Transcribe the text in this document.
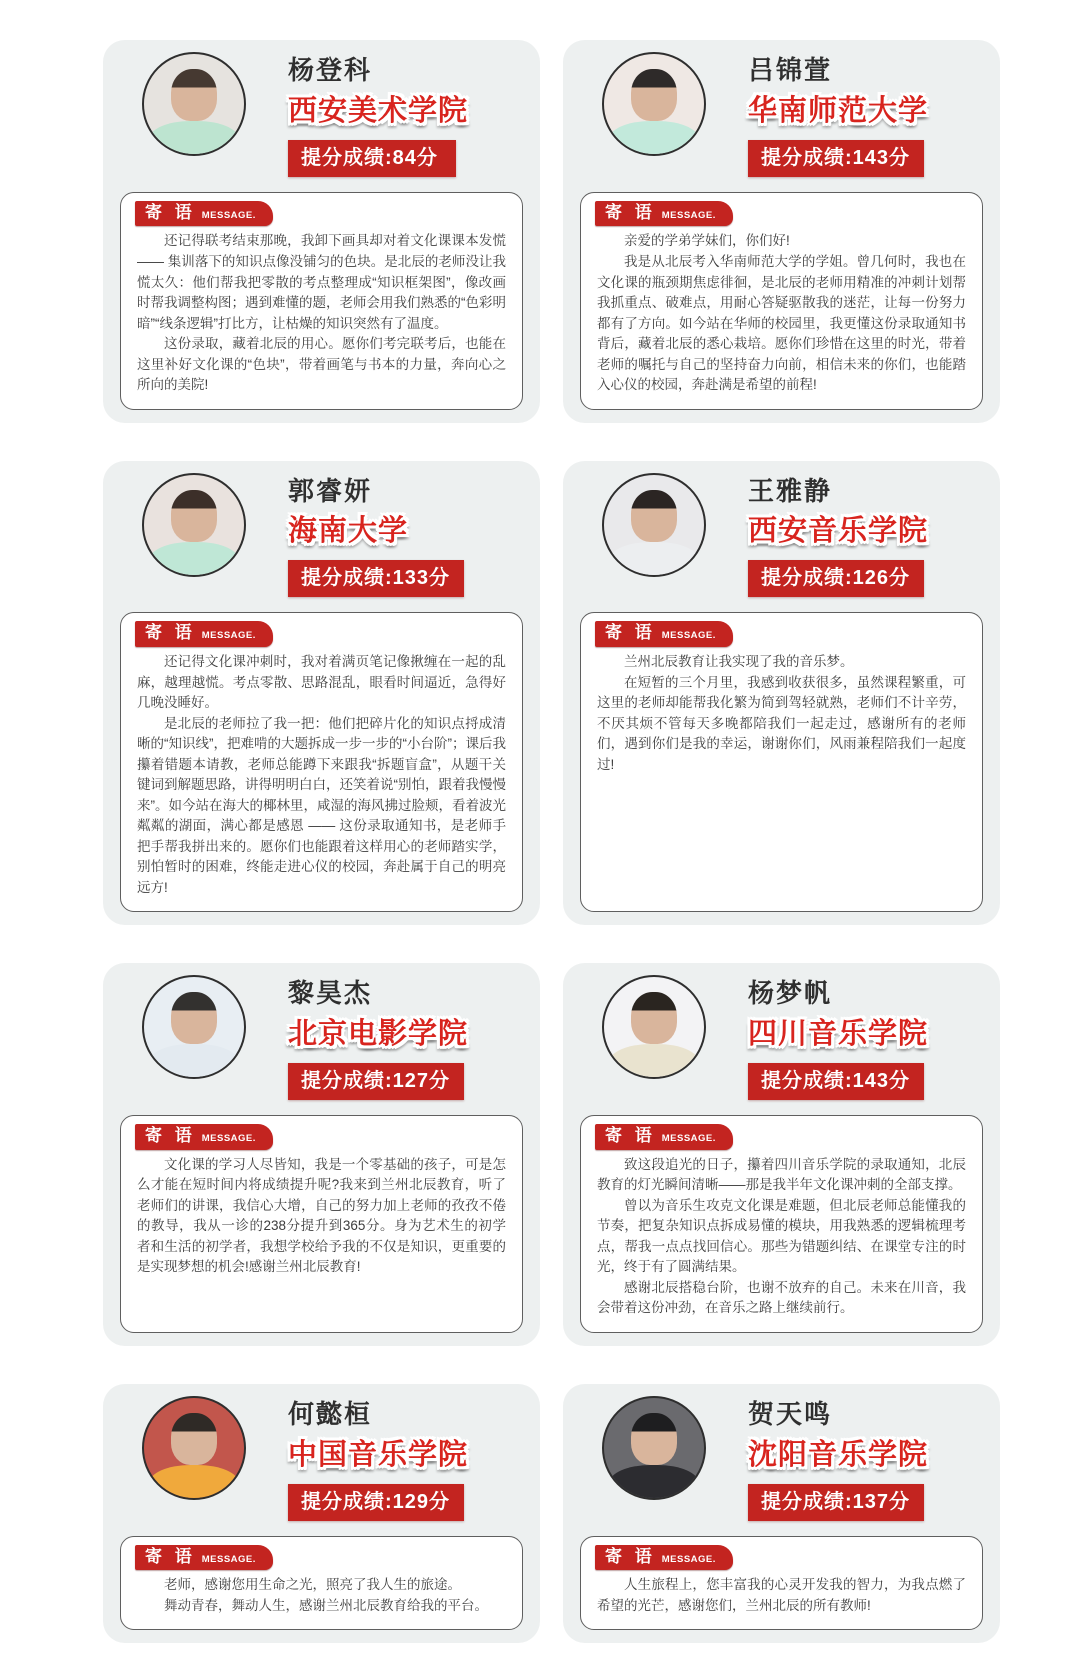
杨登科
西安美术学院
提分成绩:84分
寄 语 MESSAGE.

还记得联考结束那晚，我卸下画具却对着文化课课本发慌 —— 集训落下的知识点像没铺匀的色块。是北辰的老师没让我慌太久：他们帮我把零散的考点整理成“知识框架图”，像改画时帮我调整构图；遇到难懂的题，老师会用我们熟悉的“色彩明暗”“线条逻辑”打比方，让枯燥的知识突然有了温度。

这份录取，藏着北辰的用心。愿你们考完联考后，也能在这里补好文化课的“色块”，带着画笔与书本的力量，奔向心之所向的美院!

吕锦萱
华南师范大学
提分成绩:143分
寄 语 MESSAGE.

亲爱的学弟学妹们，你们好!

我是从北辰考入华南师范大学的学姐。曾几何时，我也在文化课的瓶颈期焦虑徘徊，是北辰的老师用精准的冲刺计划帮我抓重点、破难点，用耐心答疑驱散我的迷茫，让每一份努力都有了方向。如今站在华师的校园里，我更懂这份录取通知书背后，藏着北辰的悉心栽培。愿你们珍惜在这里的时光，带着老师的嘱托与自己的坚持奋力向前，相信未来的你们，也能踏入心仪的校园，奔赴满是希望的前程!

郭睿妍
海南大学
提分成绩:133分
寄 语 MESSAGE.

还记得文化课冲刺时，我对着满页笔记像揪缠在一起的乱麻，越理越慌。考点零散、思路混乱，眼看时间逼近，急得好几晚没睡好。

是北辰的老师拉了我一把：他们把碎片化的知识点捋成清晰的“知识线”，把难啃的大题拆成一步一步的“小台阶”；课后我攥着错题本请教，老师总能蹲下来跟我“拆题盲盒”，从题干关键词到解题思路，讲得明明白白，还笑着说“别怕，跟着我慢慢来”。如今站在海大的椰林里，咸湿的海风拂过脸颊，看着波光粼粼的湖面，满心都是感恩 —— 这份录取通知书，是老师手把手帮我拼出来的。愿你们也能跟着这样用心的老师踏实学，别怕暂时的困难，终能走进心仪的校园，奔赴属于自己的明亮远方!

王雅静
西安音乐学院
提分成绩:126分
寄 语 MESSAGE.

兰州北辰教育让我实现了我的音乐梦。

在短暂的三个月里，我感到收获很多，虽然课程繁重，可这里的老师却能帮我化繁为简到驾轻就熟，老师们不计辛劳，不厌其烦不管每天多晚都陪我们一起走过，感谢所有的老师们，遇到你们是我的幸运，谢谢你们，风雨兼程陪我们一起度过!

黎昊杰
北京电影学院
提分成绩:127分
寄 语 MESSAGE.

文化课的学习人尽皆知，我是一个零基础的孩子，可是怎么才能在短时间内将成绩提升呢?我来到兰州北辰教育，听了老师们的讲课，我信心大增，自己的努力加上老师的孜孜不倦的教导，我从一诊的238分提升到365分。身为艺术生的初学者和生活的初学者，我想学校给予我的不仅是知识，更重要的是实现梦想的机会!感谢兰州北辰教育!

杨梦帆
四川音乐学院
提分成绩:143分
寄 语 MESSAGE.

致这段追光的日子，攥着四川音乐学院的录取通知，北辰教育的灯光瞬间清晰——那是我半年文化课冲刺的全部支撑。

曾以为音乐生攻克文化课是难题，但北辰老师总能懂我的节奏，把复杂知识点拆成易懂的模块，用我熟悉的逻辑梳理考点，帮我一点点找回信心。那些为错题纠结、在课堂专注的时光，终于有了圆满结果。

感谢北辰搭稳台阶，也谢不放弃的自己。未来在川音，我会带着这份冲劲，在音乐之路上继续前行。

何懿桓
中国音乐学院
提分成绩:129分
寄 语 MESSAGE.

老师，感谢您用生命之光，照亮了我人生的旅途。

舞动青春，舞动人生，感谢兰州北辰教育给我的平台。

贺天鸣
沈阳音乐学院
提分成绩:137分
寄 语 MESSAGE.

人生旅程上，您丰富我的心灵开发我的智力，为我点燃了希望的光芒，感谢您们，兰州北辰的所有教师!
